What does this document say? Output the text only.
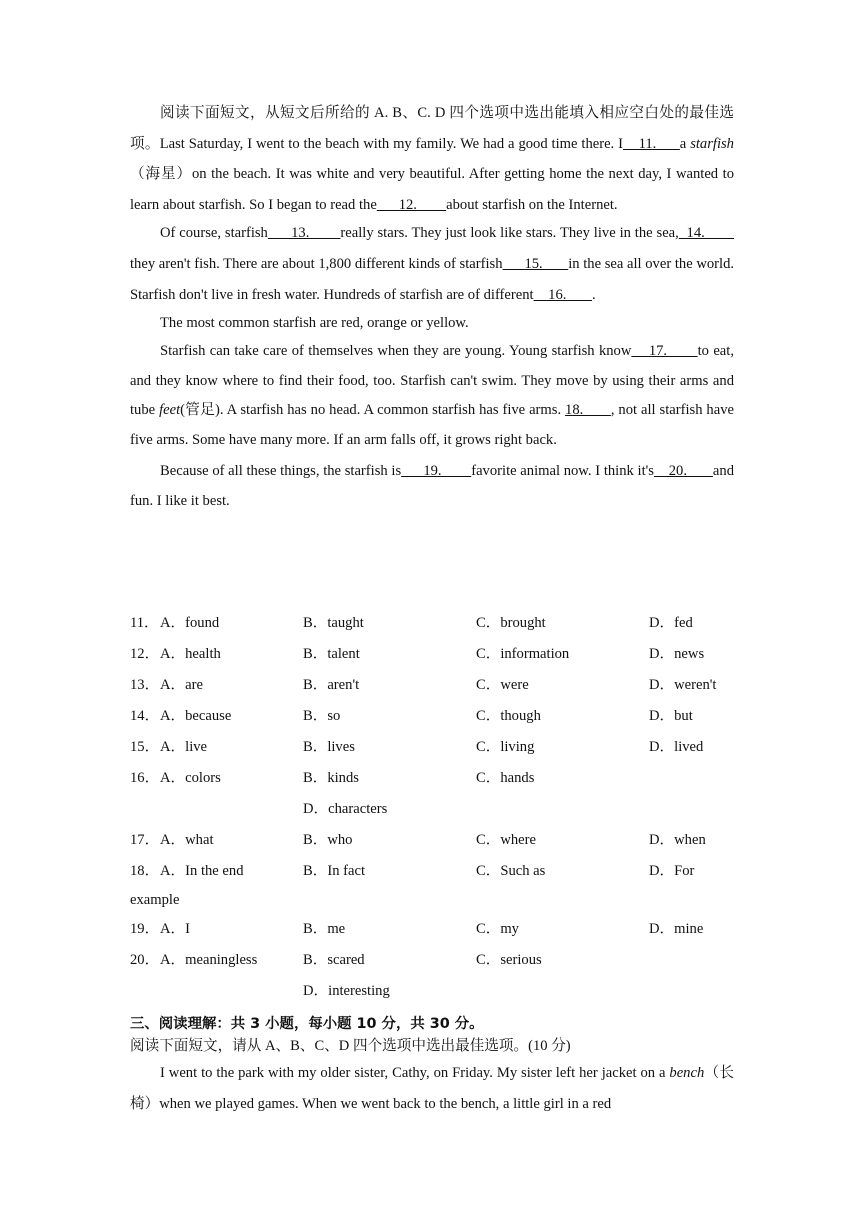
阅读下面短文，从短文后所给的 A. B、C. D 四个选项中选出能填入相应空白处的最佳选项。Last Saturday, I went to the beach with my family. We had a good time there. I    11.      a starfish（海星）on the beach. It was white and very beautiful. After getting home the next day, I wanted to learn about starfish. So I began to read the      12.        about starfish on the Internet.

Of course, starfish      13.        really stars. They just look like stars. They live in the sea,  14.          they aren't fish. There are about 1,800 different kinds of starfish      15.       in the sea all over the world. Starfish don't live in fresh water. Hundreds of starfish are of different    16.       .

The most common starfish are red, orange or yellow.

Starfish can take care of themselves when they are young. Young starfish know    17.       to eat, and they know where to find their food, too. Starfish can't swim. They move by using their arms and tube feet(管足). A starfish has no head. A common starfish has five arms. 18.       , not all starfish have five arms. Some have many more. If an arm falls off, it grows right back.

Because of all these things, the starfish is      19.        favorite animal now. I think it's    20.       and fun. I like it best.

11． A．found	B．taught	C．brought	D．fed
12． A．health	B．talent	C．information	D．news
13． A．are	B．aren't	C．were	D．weren't
14． A．because	B．so	C．though	D．but
15． A．live	B．lives	C．living	D．lived
16． A．colors	B．kinds	C．hands
D．characters
17． A．what	B．who	C．where	D．when
18． A．In the end	B．In fact	C．Such as	D．For
example
19． A．I	B．me	C．my	D．mine
20． A．meaningless	B．scared	C．serious
D．interesting
三、阅读理解：共 3 小题，每小题 10 分，共 30 分。
阅读下面短文，请从 A、B、C、D 四个选项中选出最佳选项。(10 分)

I went to the park with my older sister, Cathy, on Friday. My sister left her jacket on a bench（长椅）when we played games. When we went back to the bench, a little girl in a red
